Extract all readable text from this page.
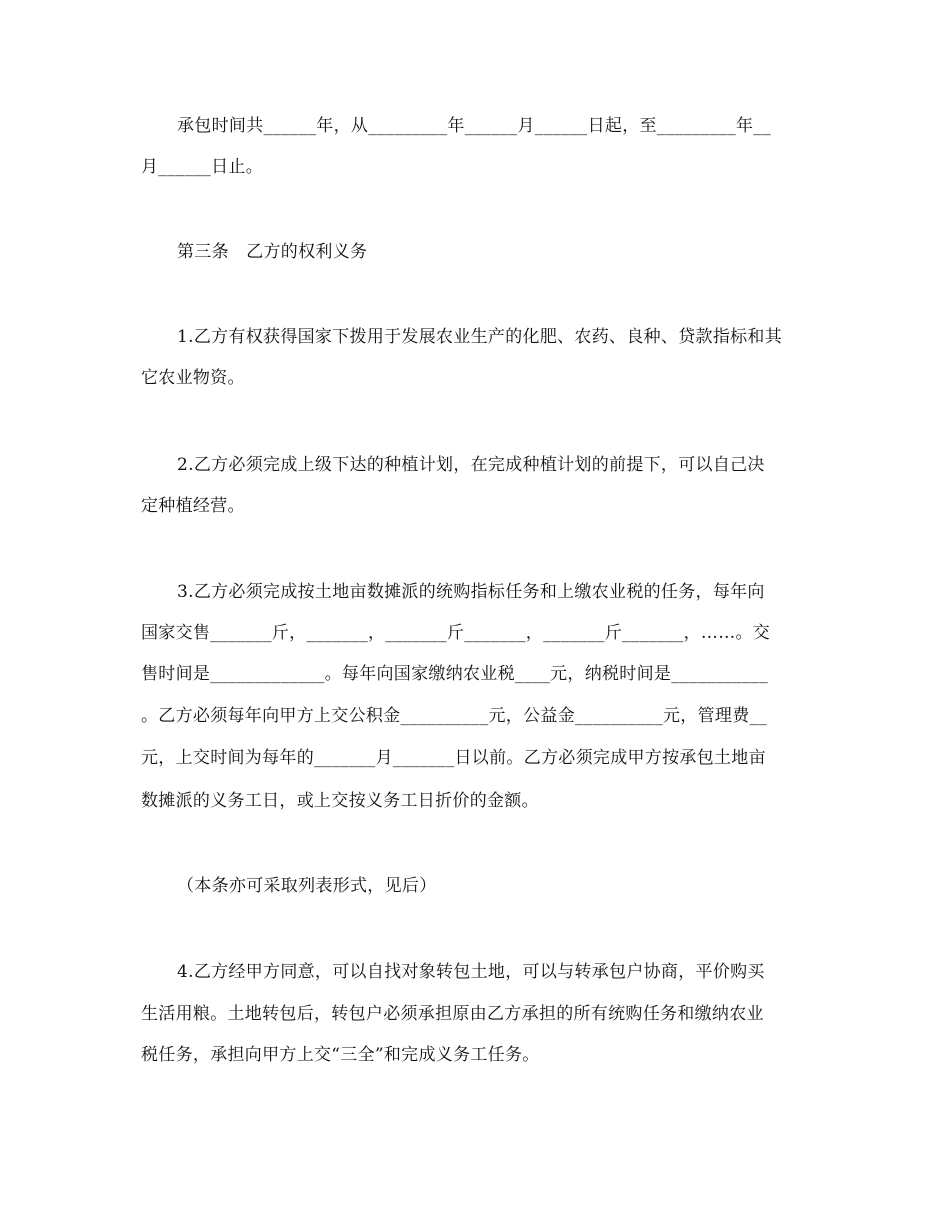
承包时间共______年，从_________年______月______日起，至_________年__
月______日止。
第三条　乙方的权利义务
1.乙方有权获得国家下拨用于发展农业生产的化肥、农药、良种、贷款指标和其
它农业物资。
2.乙方必须完成上级下达的种植计划，在完成种植计划的前提下，可以自己决
定种植经营。
3.乙方必须完成按土地亩数摊派的统购指标任务和上缴农业税的任务，每年向
国家交售_______斤，_______，_______斤_______，_______斤_______，……。交
售时间是_____________。每年向国家缴纳农业税____元，纳税时间是___________
。乙方必须每年向甲方上交公积金__________元，公益金__________元，管理费__
元，上交时间为每年的_______月_______日以前。乙方必须完成甲方按承包土地亩
数摊派的义务工日，或上交按义务工日折价的金额。
（本条亦可采取列表形式，见后）
4.乙方经甲方同意，可以自找对象转包土地，可以与转承包户协商，平价购买
生活用粮。土地转包后，转包户必须承担原由乙方承担的所有统购任务和缴纳农业
税任务，承担向甲方上交“三全”和完成义务工任务。
